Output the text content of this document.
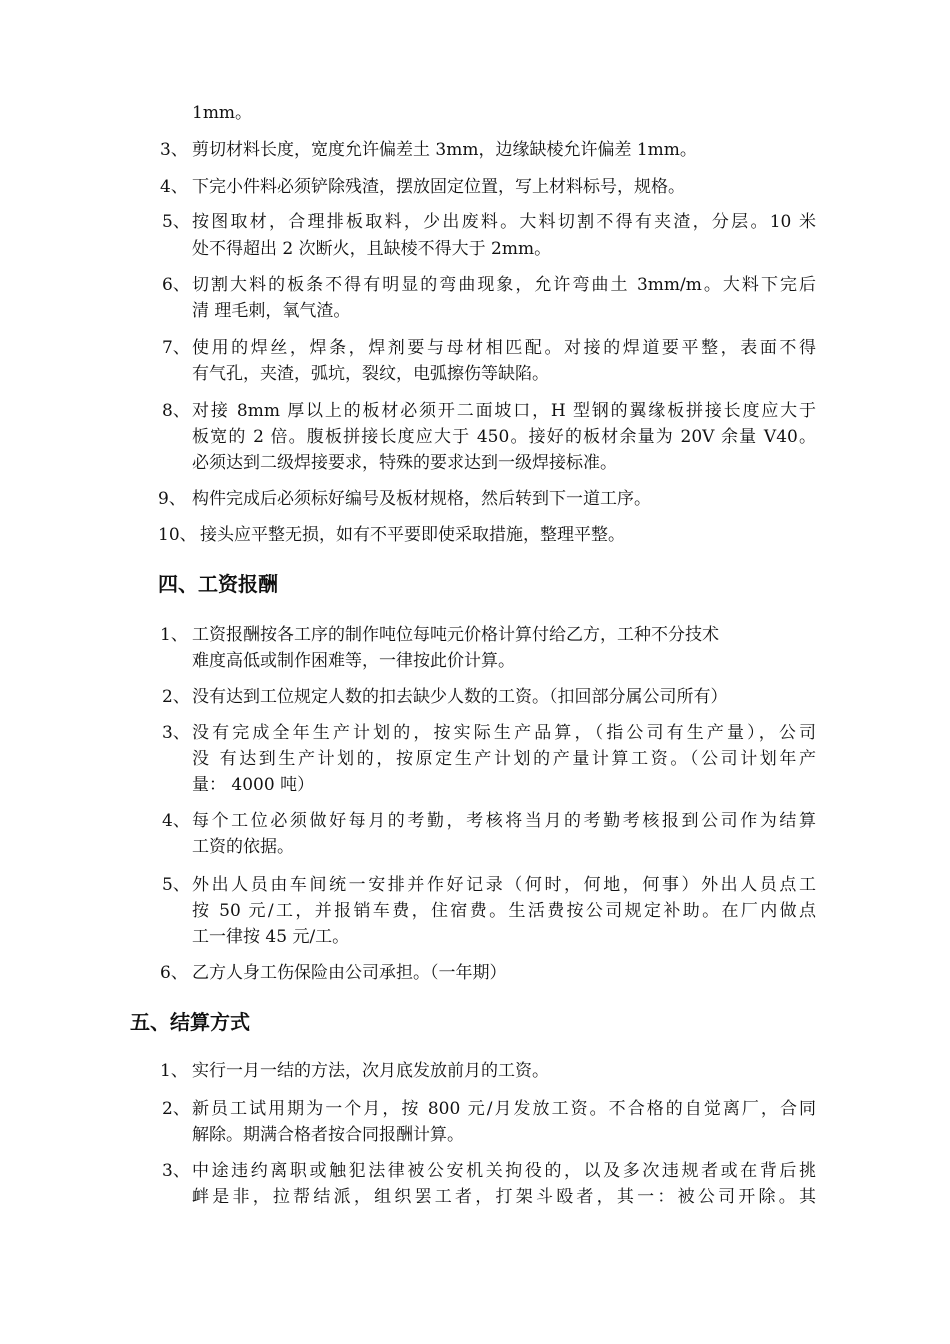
1mm。
3、 剪切材料长度，宽度允许偏差土 3mm，边缘缺棱允许偏差 1mm。
4、 下完小件料必须铲除残渣，摆放固定位置，写上材料标号，规格。
5、 按图取材，合理排板取料，少出废料。大料切割不得有夹渣，分层。10 米
处不得超出 2 次断火，且缺棱不得大于 2mm。
6、 切割大料的板条不得有明显的弯曲现象，允许弯曲土 3mm/m。大料下完后
清 理毛刺，氧气渣。
7、 使用的焊丝，焊条，焊剂要与母材相匹配。对接的焊道要平整，表面不得
有气孔，夹渣，弧坑，裂纹，电弧擦伤等缺陷。
8、 对接 8mm 厚以上的板材必须开二面坡口，H 型钢的翼缘板拼接长度应大于
板宽的 2 倍。腹板拼接长度应大于 450。接好的板材余量为 20V 余量 V40。
必须达到二级焊接要求，特殊的要求达到一级焊接标准。
9、 构件完成后必须标好编号及板材规格，然后转到下一道工序。
10、 接头应平整无损，如有不平要即使采取措施，整理平整。
四、工资报酬
1、 工资报酬按各工序的制作吨位每吨元价格计算付给乙方，工种不分技术
难度高低或制作困难等，一律按此价计算。
2、 没有达到工位规定人数的扣去缺少人数的工资。（扣回部分属公司所有）
3、 没有完成全年生产计划的，按实际生产品算，（指公司有生产量），公司
没 有达到生产计划的，按原定生产计划的产量计算工资。（公司计划年产
量： 4000 吨）
4、 每个工位必须做好每月的考勤，考核将当月的考勤考核报到公司作为结算
工资的依据。
5、 外出人员由车间统一安排并作好记录（何时，何地，何事）外出人员点工
按 50 元/工，并报销车费，住宿费。生活费按公司规定补助。在厂内做点
工一律按 45 元/工。
6、 乙方人身工伤保险由公司承担。（一年期）
五、结算方式
1、 实行一月一结的方法，次月底发放前月的工资。
2、 新员工试用期为一个月，按 800 元/月发放工资。不合格的自觉离厂，合同
解除。期满合格者按合同报酬计算。
3、 中途违约离职或触犯法律被公安机关拘役的，以及多次违规者或在背后挑
衅是非，拉帮结派，组织罢工者，打架斗殴者，其一：被公司开除。其
